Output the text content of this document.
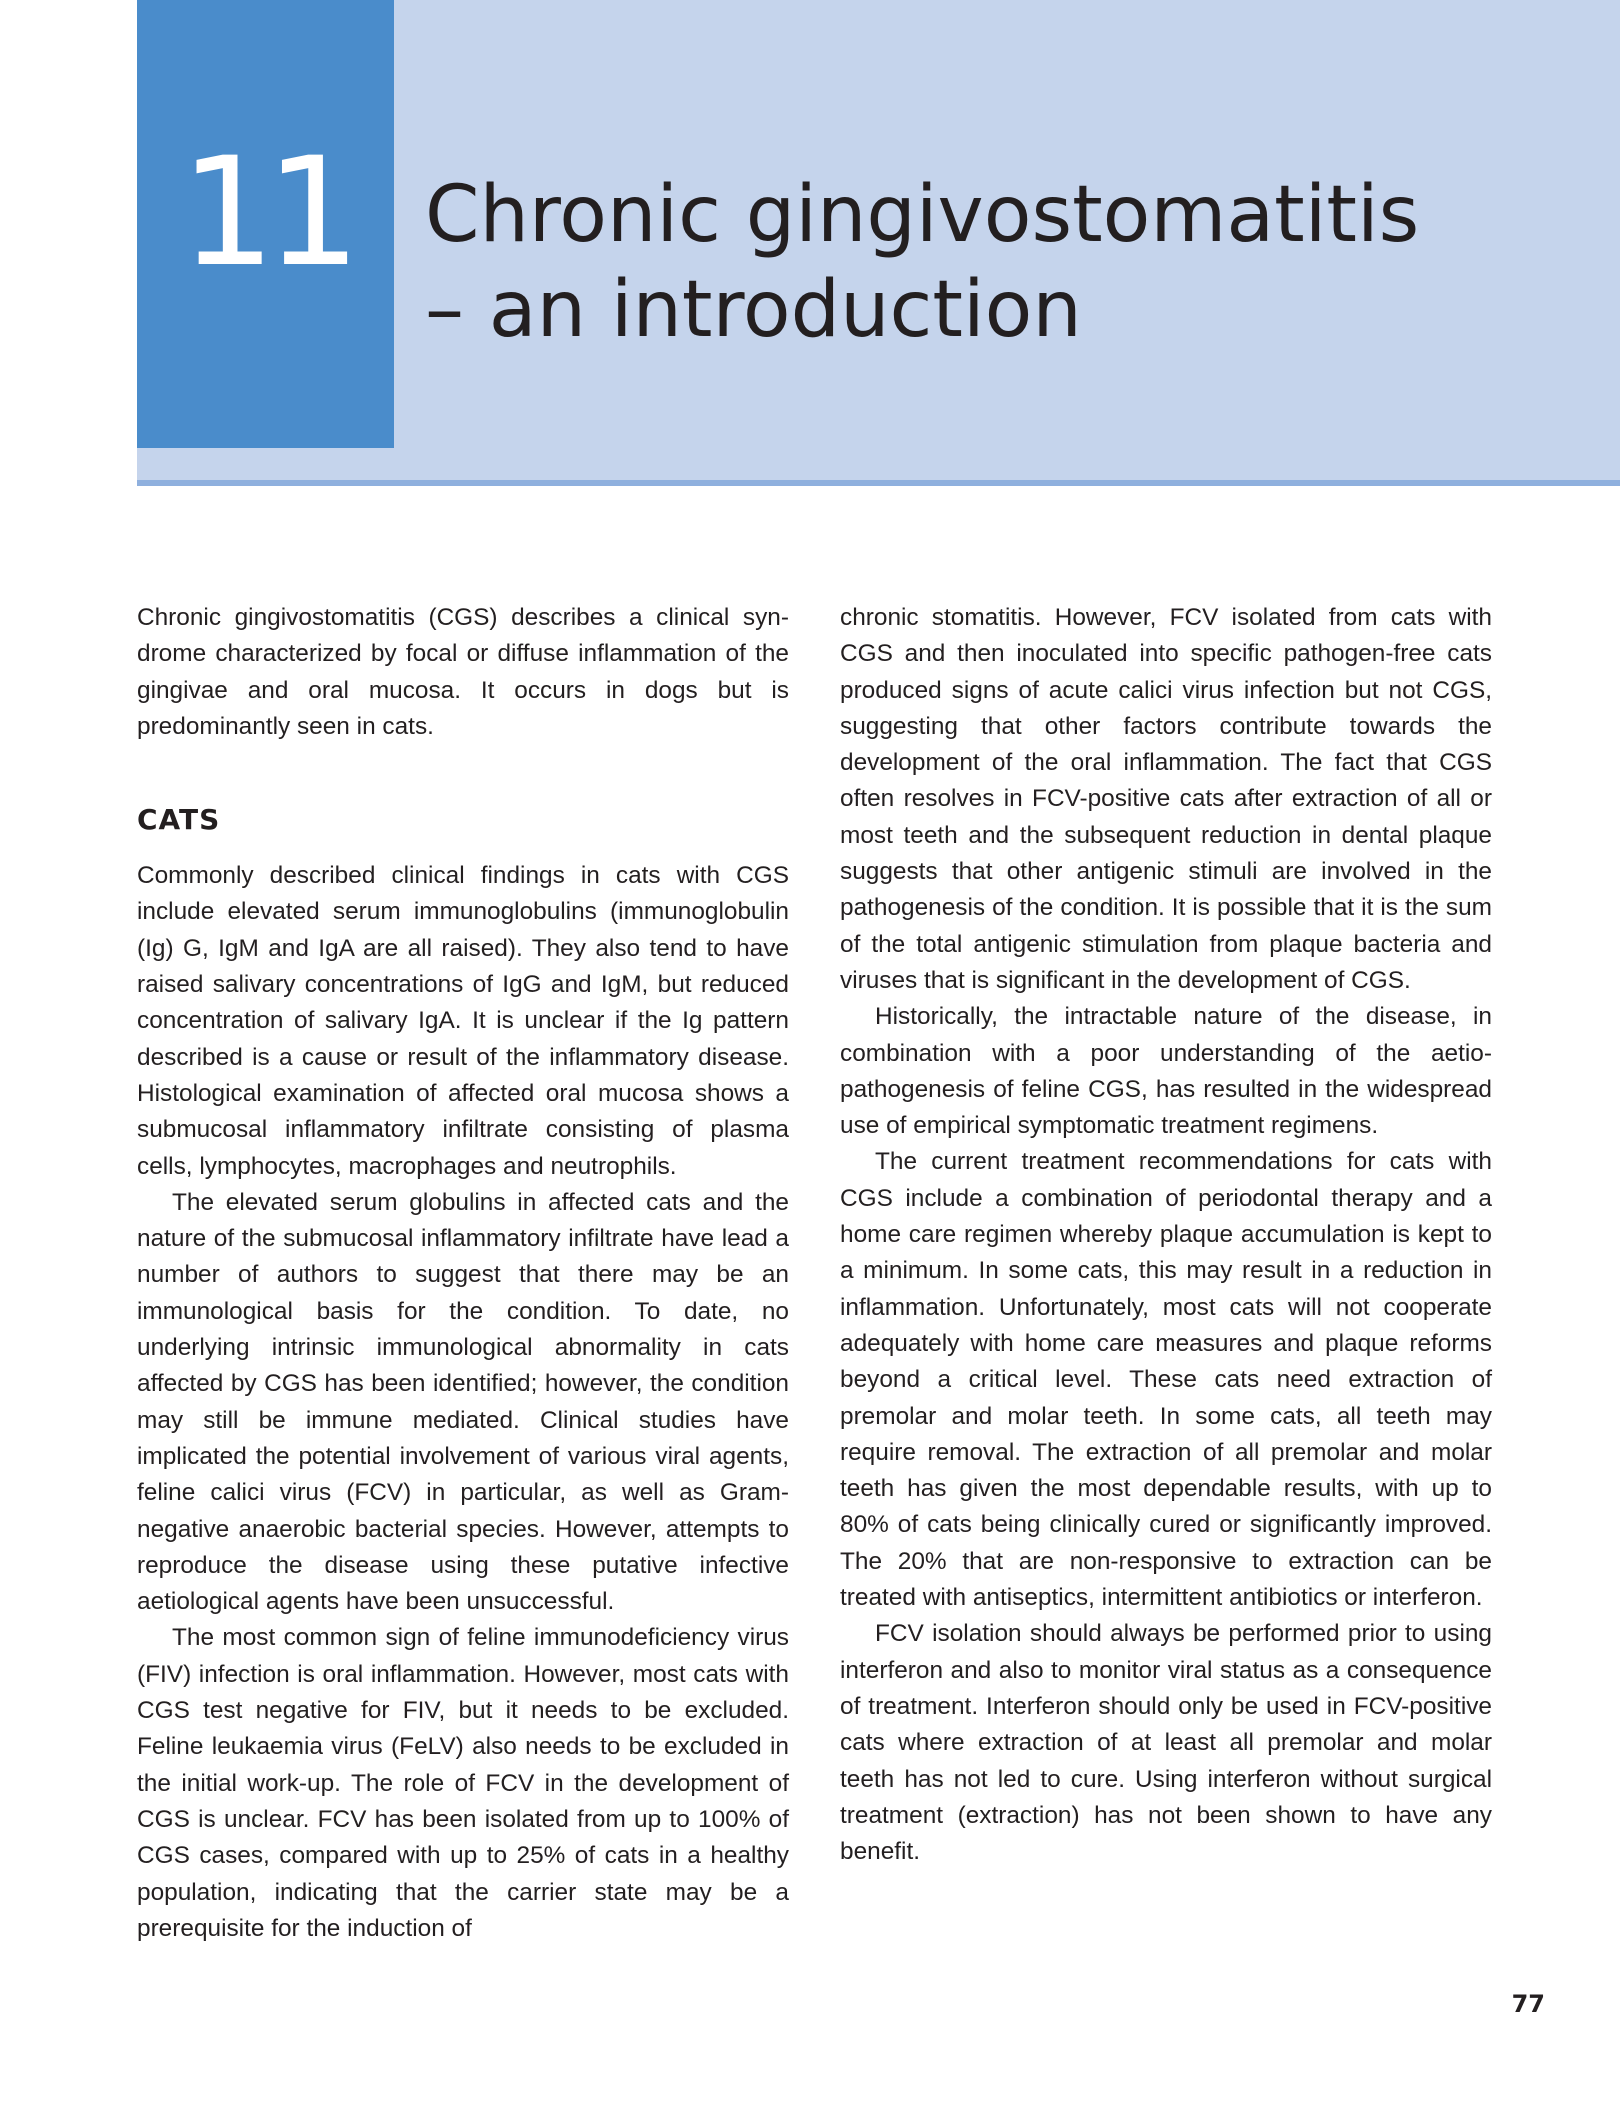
11 Chronic gingivostomatitis
– an introduction

Chronic gingivostomatitis (CGS) describes a clinical syndrome characterized by focal or diffuse inflammation of the gingivae and oral mucosa. It occurs in dogs but is predominantly seen in cats.

CATS

Commonly described clinical findings in cats with CGS include elevated serum immunoglobulins (immunoglobulin (Ig) G, IgM and IgA are all raised). They also tend to have raised salivary concentrations of IgG and IgM, but reduced concentration of salivary IgA. It is unclear if the Ig pattern described is a cause or result of the inflammatory disease. Histological examination of affected oral mucosa shows a submucosal inflammatory infiltrate consisting of plasma cells, lymphocytes, macrophages and neutrophils.

The elevated serum globulins in affected cats and the nature of the submucosal inflammatory infiltrate have lead a number of authors to suggest that there may be an immunological basis for the condition. To date, no underlying intrinsic immunological abnormality in cats affected by CGS has been identified; however, the condition may still be immune mediated. Clinical studies have implicated the potential involvement of various viral agents, feline calici virus (FCV) in particular, as well as Gram-negative anaerobic bacterial species. However, attempts to reproduce the disease using these putative infective aetiological agents have been unsuccessful.

The most common sign of feline immunodeficiency virus (FIV) infection is oral inflammation. However, most cats with CGS test negative for FIV, but it needs to be excluded. Feline leukaemia virus (FeLV) also needs to be excluded in the initial work-up. The role of FCV in the development of CGS is unclear. FCV has been isolated from up to 100% of CGS cases, compared with up to 25% of cats in a healthy population, indicating that the carrier state may be a prerequisite for the induction of

chronic stomatitis. However, FCV isolated from cats with CGS and then inoculated into specific pathogen-free cats produced signs of acute calici virus infection but not CGS, suggesting that other factors contribute towards the development of the oral inflammation. The fact that CGS often resolves in FCV-positive cats after extraction of all or most teeth and the subsequent reduction in dental plaque suggests that other antigenic stimuli are involved in the pathogenesis of the condition. It is possible that it is the sum of the total antigenic stimulation from plaque bacteria and viruses that is significant in the development of CGS.

Historically, the intractable nature of the disease, in combination with a poor understanding of the aetiopathogenesis of feline CGS, has resulted in the widespread use of empirical symptomatic treatment regimens.

The current treatment recommendations for cats with CGS include a combination of periodontal therapy and a home care regimen whereby plaque accumulation is kept to a minimum. In some cats, this may result in a reduction in inflammation. Unfortunately, most cats will not cooperate adequately with home care measures and plaque reforms beyond a critical level. These cats need extraction of premolar and molar teeth. In some cats, all teeth may require removal. The extraction of all premolar and molar teeth has given the most dependable results, with up to 80% of cats being clinically cured or significantly improved. The 20% that are non-responsive to extraction can be treated with antiseptics, intermittent antibiotics or interferon.

FCV isolation should always be performed prior to using interferon and also to monitor viral status as a consequence of treatment. Interferon should only be used in FCV-positive cats where extraction of at least all premolar and molar teeth has not led to cure. Using interferon without surgical treatment (extraction) has not been shown to have any benefit.

77
